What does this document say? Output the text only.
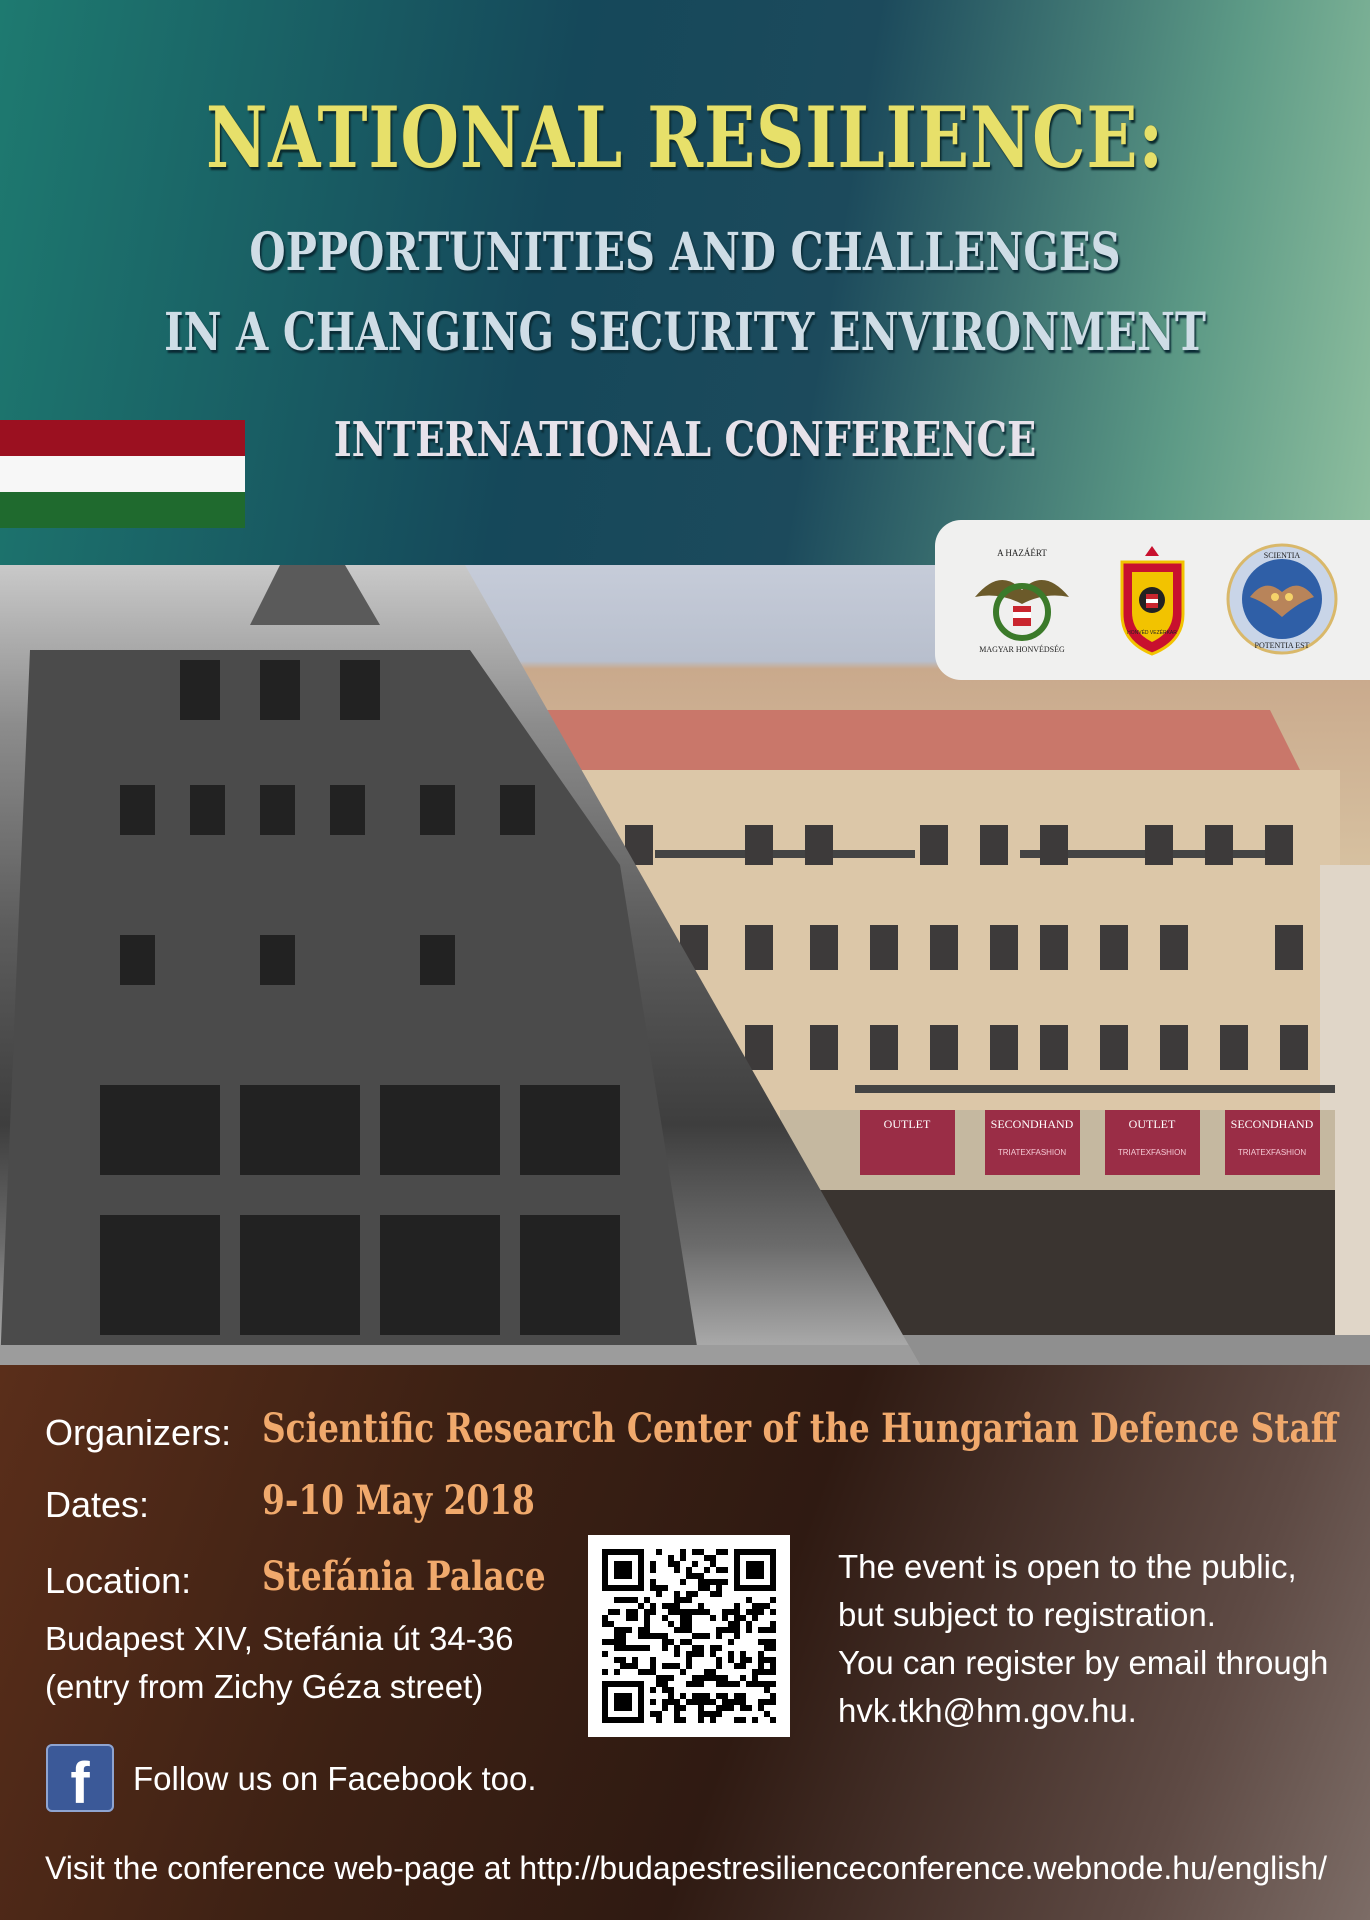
NATIONAL RESILIENCE:
OPPORTUNITIES AND CHALLENGES
IN A CHANGING SECURITY ENVIRONMENT
INTERNATIONAL CONFERENCE
OUTLET	SECONDHAND	OUTLET	SECONDHAND
TRIATEXFASHION	TRIATEXFASHION	TRIATEXFASHION
A HAZÁÉRT
MAGYAR HONVÉDSÉG
HONVÉD VEZÉRKAR
SCIENTIA
POTENTIA EST

Organizers: Scientific Research Center of the Hungarian Defence Staff

Dates:	9-10 May 2018

Location: Stefánia Palace

Budapest XIV, Stefánia út 34-36

(entry from Zichy Géza street)

The event is open to the public,

but subject to registration.

You can register by email through

hvk.tkh@hm.gov.hu.

f	Follow us on Facebook too.

Visit the conference web-page at http://budapestresilienceconference.webnode.hu/english/
